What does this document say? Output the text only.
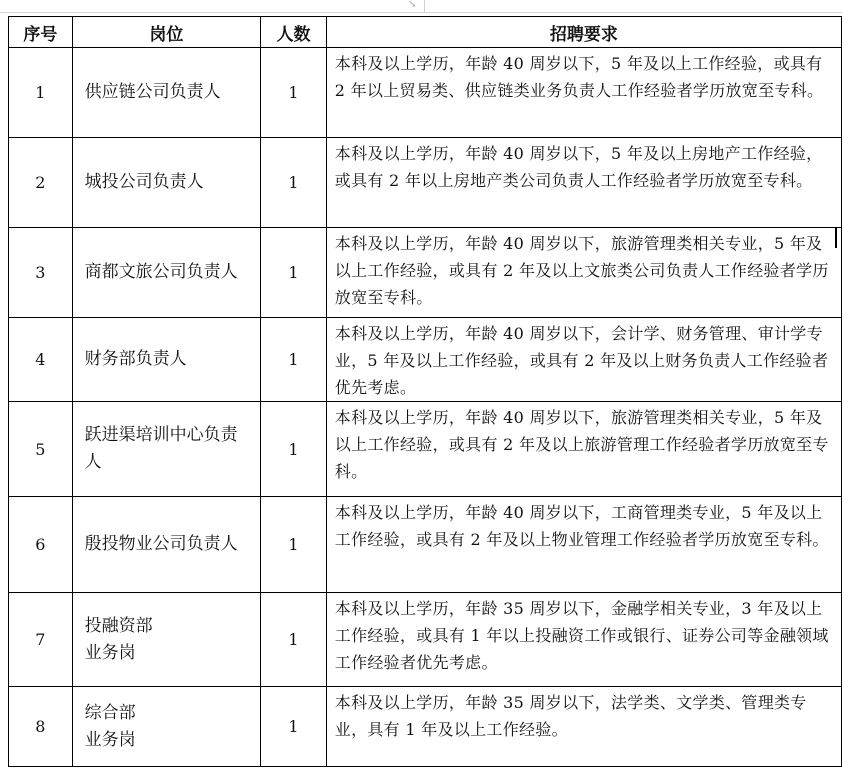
↘
序号	岗位	人数	招聘要求
1	供应链公司负责人	1	本科及以上学历，年龄 40 周岁以下，5 年及以上工作经验，或具有 2 年以上贸易类、供应链类业务负责人工作经验者学历放宽至专科。

2	城投公司负责人	1	本科及以上学历，年龄 40 周岁以下，5 年及以上房地产工作经验，或具有 2 年以上房地产类公司负责人工作经验者学历放宽至专科。

3	商都文旅公司负责人	1	本科及以上学历，年龄 40 周岁以下，旅游管理类相关专业，5 年及以上工作经验，或具有 2 年及以上文旅类公司负责人工作经验者学历放宽至专科。

4	财务部负责人	1	本科及以上学历，年龄 40 周岁以下，会计学、财务管理、审计学专业，5 年及以上工作经验，或具有 2 年及以上财务负责人工作经验者优先考虑。

5	跃进渠培训中心负责人	1	本科及以上学历，年龄 40 周岁以下，旅游管理类相关专业，5 年及以上工作经验，或具有 2 年及以上旅游管理工作经验者学历放宽至专科。

6	殷投物业公司负责人	1	本科及以上学历，年龄 40 周岁以下，工商管理类专业，5 年及以上工作经验，或具有 2 年及以上物业管理工作经验者学历放宽至专科。

7	投融资部
业务岗	1	本科及以上学历，年龄 35 周岁以下，金融学相关专业，3 年及以上工作经验，或具有 1 年以上投融资工作或银行、证券公司等金融领域工作经验者优先考虑。

8	综合部
业务岗	1	本科及以上学历，年龄 35 周岁以下，法学类、文学类、管理类专业，具有 1 年及以上工作经验。
